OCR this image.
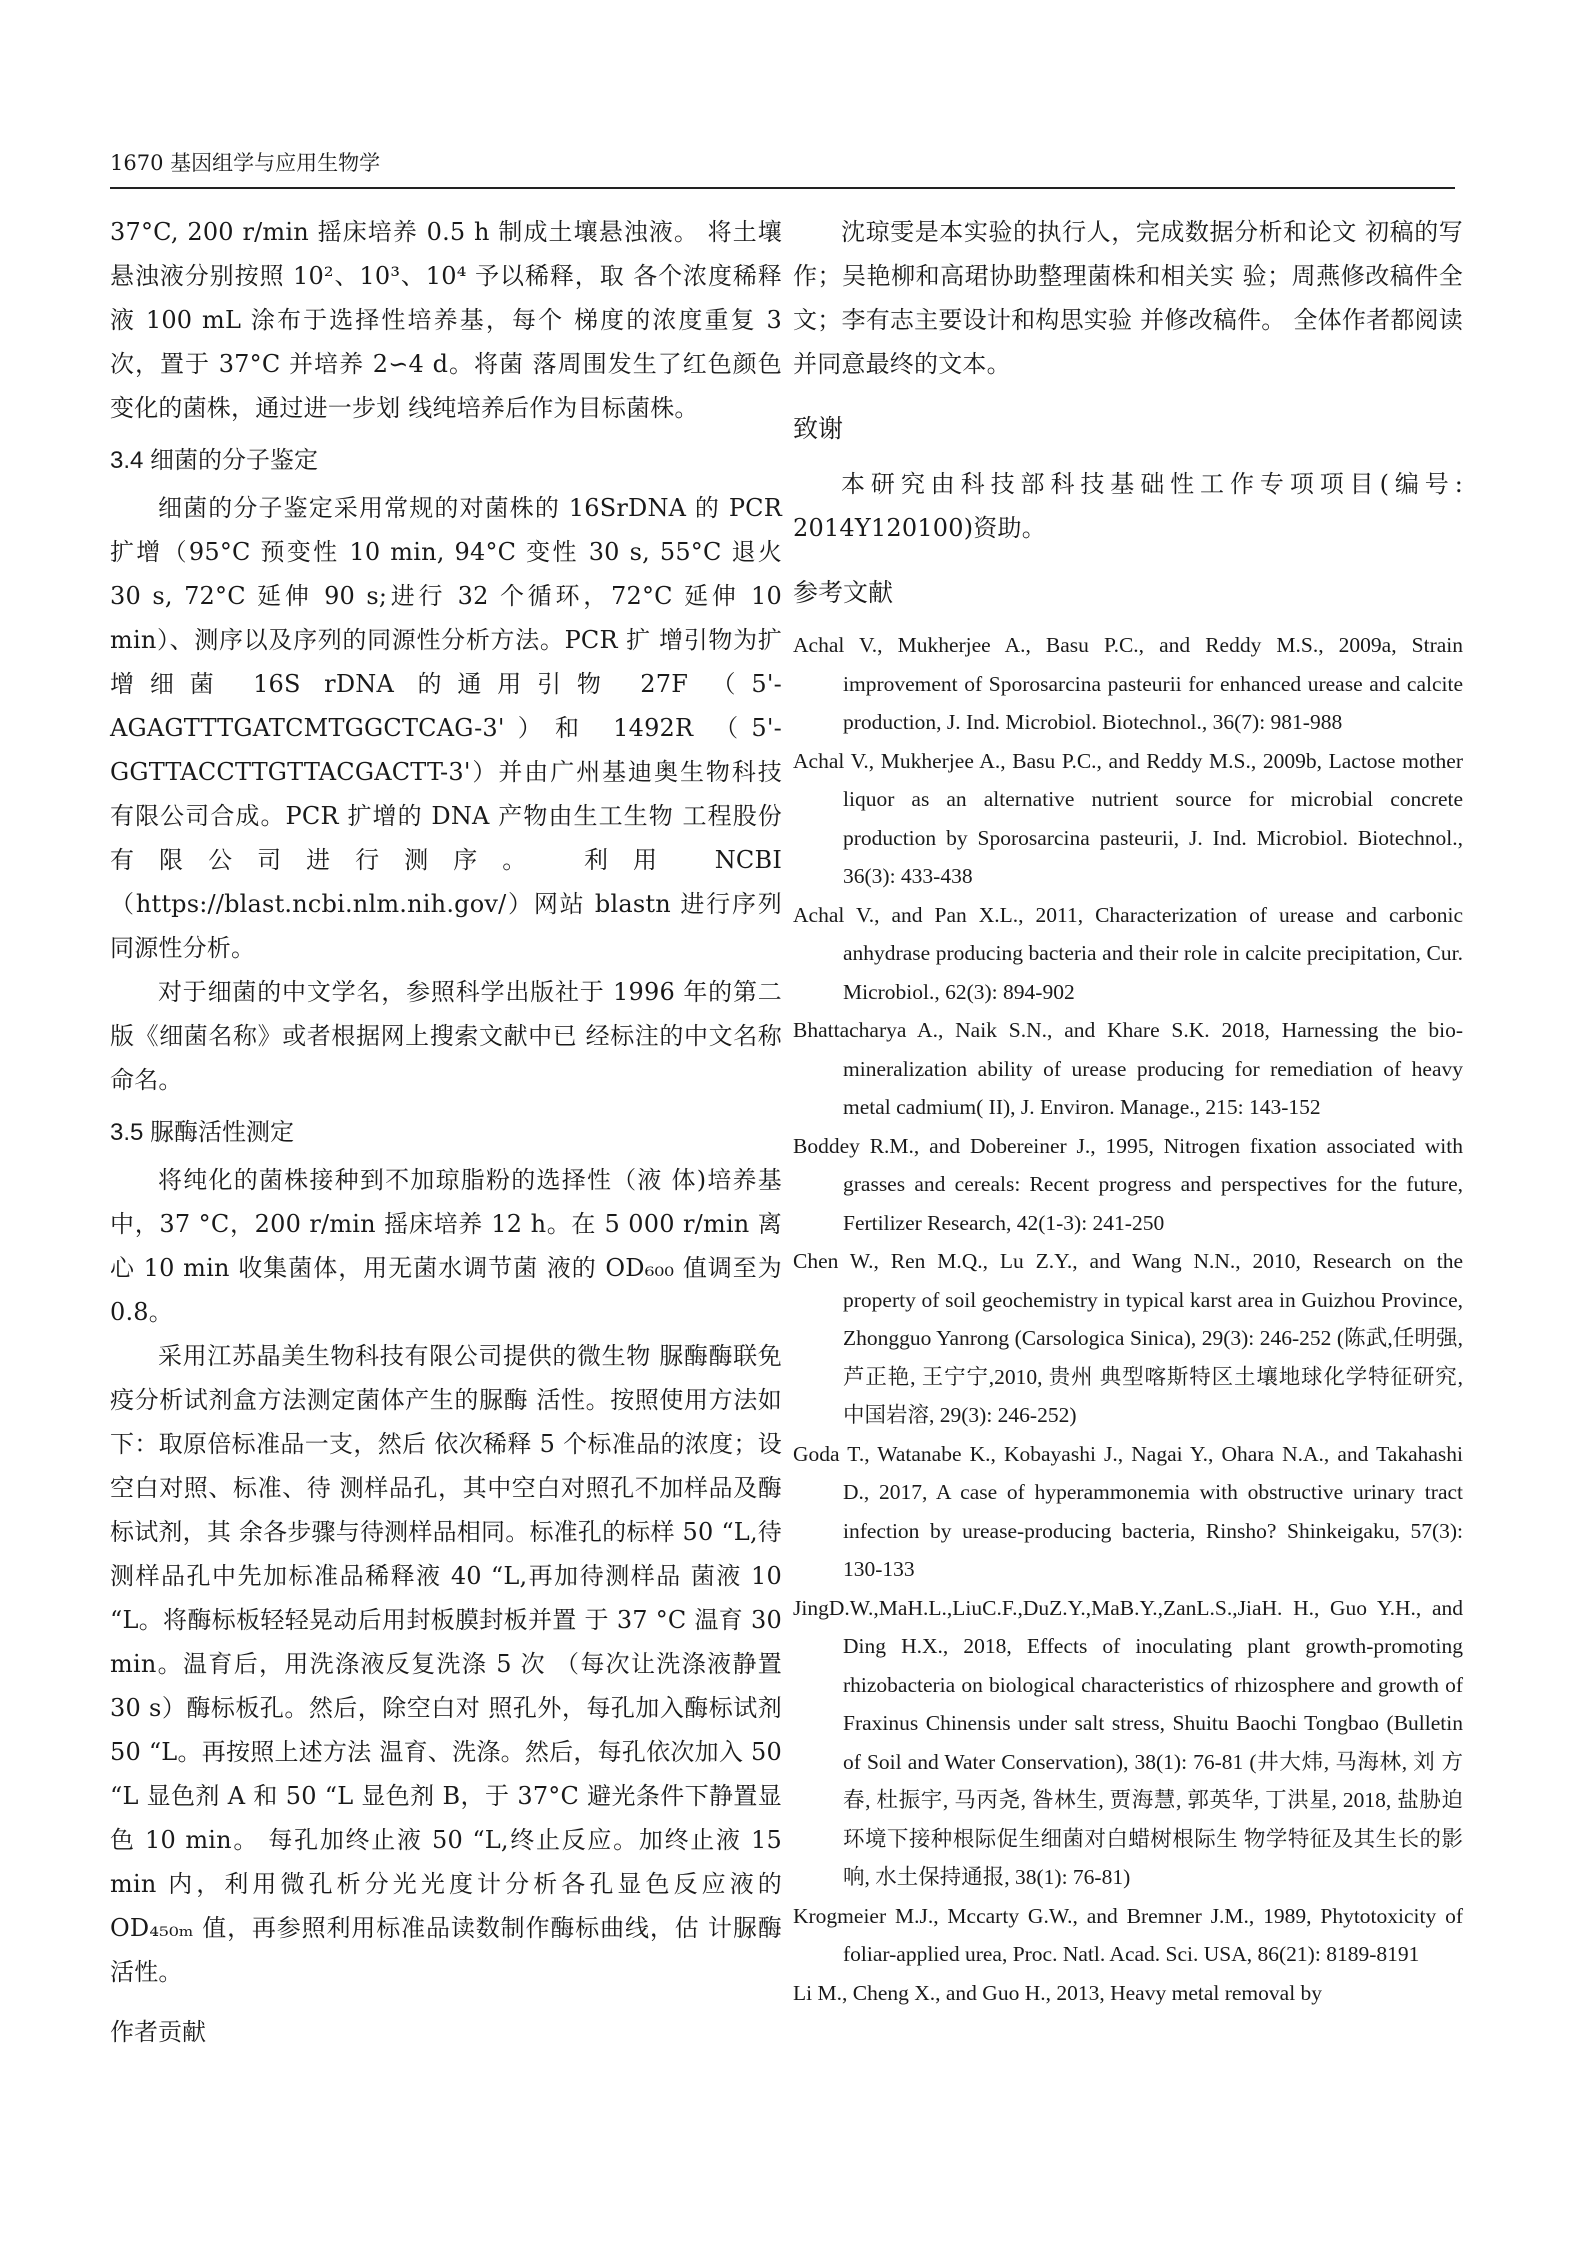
1670 基因组学与应用生物学

37°C, 200 r/min 摇床培养 0.5 h 制成土壤悬浊液。 将土壤悬浊液分别按照 10²、10³、10⁴ 予以稀释，取 各个浓度稀释液 100 mL 涂布于选择性培养基，每个 梯度的浓度重复 3 次，置于 37°C 并培养 2∽4 d。将菌 落周围发生了红色颜色变化的菌株，通过进一步划 线纯培养后作为目标菌株。

3.4 细菌的分子鉴定

细菌的分子鉴定采用常规的对菌株的 16SrDNA 的 PCR 扩增（95°C 预变性 10 min, 94°C 变性 30 s, 55°C 退火 30 s, 72°C 延伸 90 s;进行 32 个循环，72°C 延伸 10 min）、测序以及序列的同源性分析方法。PCR 扩 增引物为扩增细菌 16S rDNA 的通用引物 27F （5'-AGAGTTTGATCMTGGCTCAG-3'）和 1492R （5'-GGTTACCTTGTTACGACTT-3'）并由广州基迪奥生物科技有限公司合成。PCR 扩增的 DNA 产物由生工生物 工程股份有限公司进行测序。 利用 NCBI （https://blast.ncbi.nlm.nih.gov/）网站 blastn 进行序列同源性分析。

对于细菌的中文学名，参照科学出版社于 1996 年的第二版《细菌名称》或者根据网上搜索文献中已 经标注的中文名称命名。

3.5 脲酶活性测定

将纯化的菌株接种到不加琼脂粉的选择性（液 体)培养基中，37 °C，200 r/min 摇床培养 12 h。在 5 000 r/min 离心 10 min 收集菌体，用无菌水调节菌 液的 OD₆₀₀ 值调至为 0.8。

采用江苏晶美生物科技有限公司提供的微生物 脲酶酶联免疫分析试剂盒方法测定菌体产生的脲酶 活性。按照使用方法如下：取原倍标准品一支，然后 依次稀释 5 个标准品的浓度；设空白对照、标准、待 测样品孔，其中空白对照孔不加样品及酶标试剂，其 余各步骤与待测样品相同。标准孔的标样 50 “L,待 测样品孔中先加标准品稀释液 40 “L,再加待测样品 菌液 10 “L。将酶标板轻轻晃动后用封板膜封板并置 于 37 °C 温育 30 min。温育后，用洗涤液反复洗涤 5 次 （每次让洗涤液静置 30 s）酶标板孔。然后，除空白对 照孔外，每孔加入酶标试剂 50 “L。再按照上述方法 温育、洗涤。然后，每孔依次加入 50 “L 显色剂 A 和 50 “L 显色剂 B，于 37°C 避光条件下静置显色 10 min。 每孔加终止液 50 “L,终止反应。加终止液 15 min 内，利用微孔析分光光度计分析各孔显色反应液的 OD₄₅₀ₘ 值，再参照利用标准品读数制作酶标曲线，估 计脲酶活性。

作者贡献

沈琼雯是本实验的执行人，完成数据分析和论文 初稿的写作；吴艳柳和高珺协助整理菌株和相关实 验；周燕修改稿件全文；李有志主要设计和构思实验 并修改稿件。 全体作者都阅读并同意最终的文本。

致谢

本研究由科技部科技基础性工作专项项目(编号: 2014Y120100)资助。

参考文献
Achal V., Mukherjee A., Basu P.C., and Reddy M.S., 2009a, Strain improvement of Sporosarcina pasteurii for enhanced urease and calcite production, J. Ind. Microbiol. Biotechnol., 36(7): 981-988
Achal V., Mukherjee A., Basu P.C., and Reddy M.S., 2009b, Lactose mother liquor as an alternative nutrient source for microbial concrete production by Sporosarcina pasteurii, J. Ind. Microbiol. Biotechnol., 36(3): 433-438
Achal V., and Pan X.L., 2011, Characterization of urease and carbonic anhydrase producing bacteria and their role in calcite precipitation, Cur. Microbiol., 62(3): 894-902
Bhattacharya A., Naik S.N., and Khare S.K. 2018, Harnessing the bio-mineralization ability of urease producing for remediation of heavy metal cadmium( II), J. Environ. Manage., 215: 143-152
Boddey R.M., and Dobereiner J., 1995, Nitrogen fixation associated with grasses and cereals: Recent progress and perspectives for the future, Fertilizer Research, 42(1-3): 241-250
Chen W., Ren M.Q., Lu Z.Y., and Wang N.N., 2010, Research on the property of soil geochemistry in typical karst area in Guizhou Province, Zhongguo Yanrong (Carsologica Sinica), 29(3): 246-252 (陈武,任明强, 芦正艳, 王宁宁,2010, 贵州 典型喀斯特区土壤地球化学特征研究, 中国岩溶, 29(3): 246-252)
Goda T., Watanabe K., Kobayashi J., Nagai Y., Ohara N.A., and Takahashi D., 2017, A case of hyperammonemia with obstructive urinary tract infection by urease-producing bacteria, Rinsho? Shinkeigaku, 57(3): 130-133
JingD.W.,MaH.L.,LiuC.F.,DuZ.Y.,MaB.Y.,ZanL.S.,JiaH. H., Guo Y.H., and Ding H.X., 2018, Effects of inoculating plant growth-promoting rhizobacteria on biological characteristics of rhizosphere and growth of Fraxinus Chinensis under salt stress, Shuitu Baochi Tongbao (Bulletin of Soil and Water Conservation), 38(1): 76-81 (井大炜, 马海林, 刘 方春, 杜振宇, 马丙尧, 昝林生, 贾海慧, 郭英华, 丁洪星, 2018, 盐胁迫环境下接种根际促生细菌对白蜡树根际生 物学特征及其生长的影响, 水土保持通报, 38(1): 76-81)
Krogmeier M.J., Mccarty G.W., and Bremner J.M., 1989, Phytotoxicity of foliar-applied urea, Proc. Natl. Acad. Sci. USA, 86(21): 8189-8191
Li M., Cheng X., and Guo H., 2013, Heavy metal removal by
